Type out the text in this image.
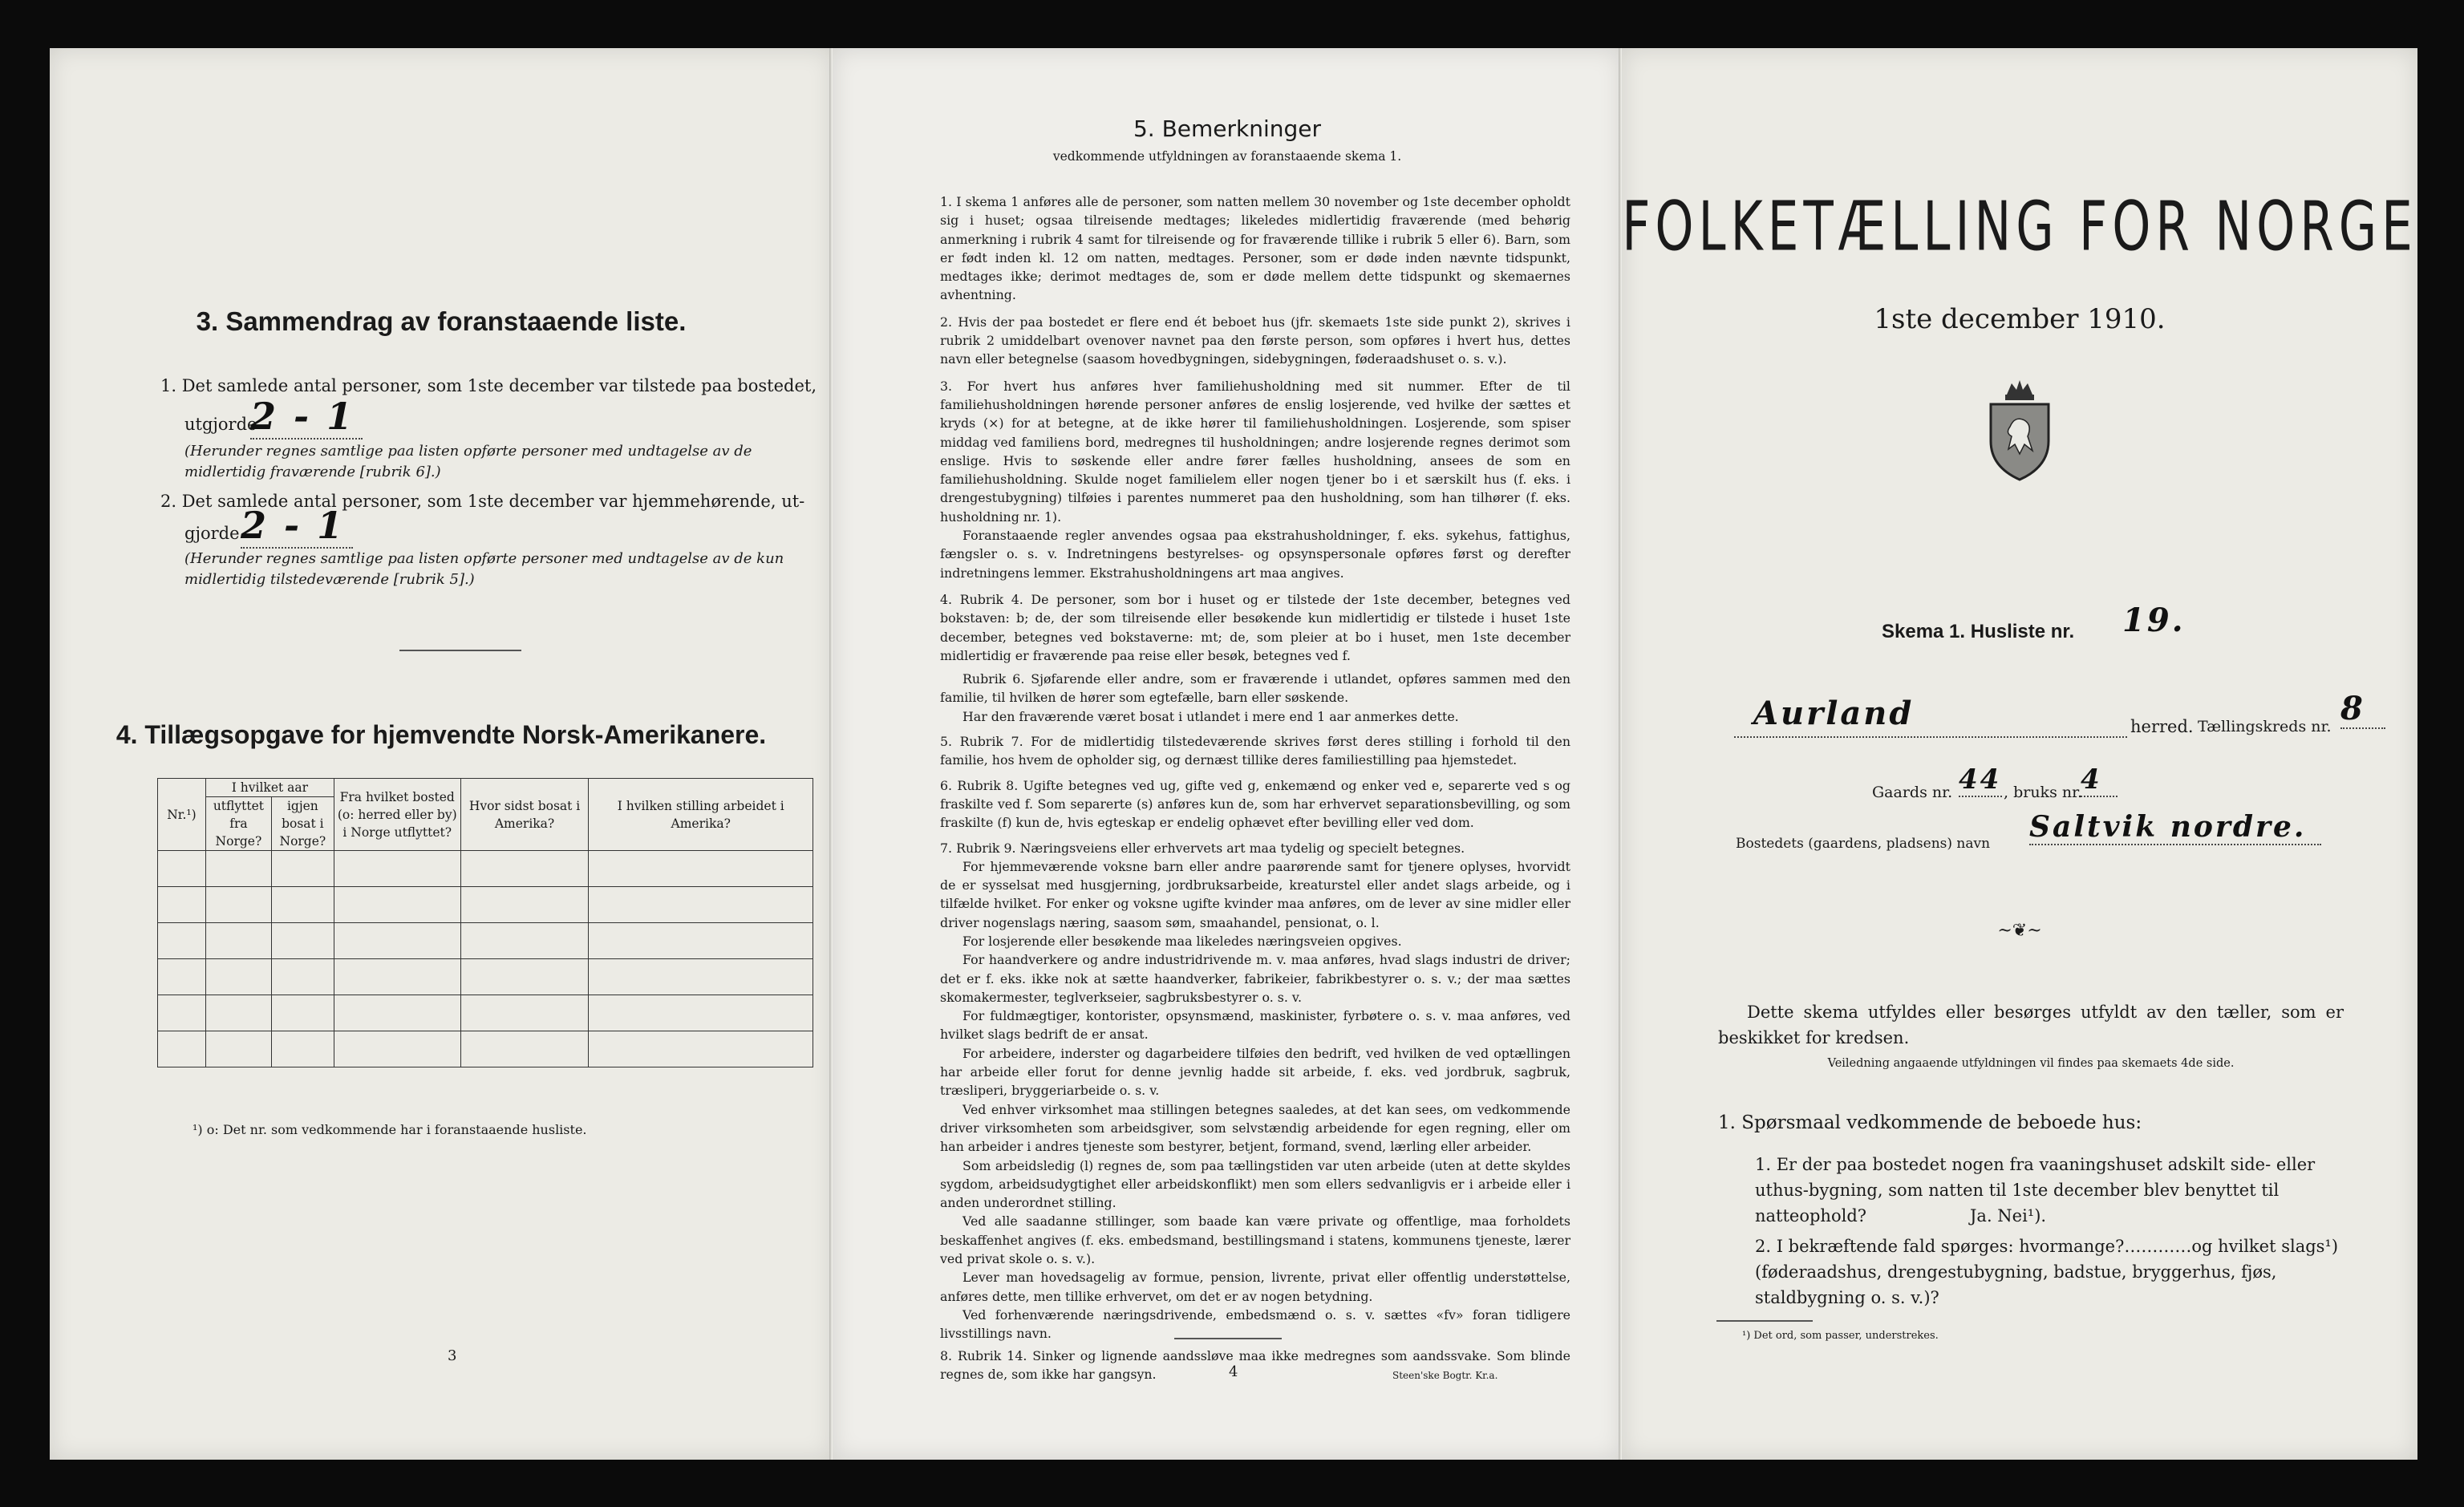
3. Sammendrag av foranstaaende liste.
1. Det samlede antal personer, som 1ste december var tilstede paa bostedet,
utgjorde
2 - 1
(Herunder regnes samtlige paa listen opførte personer med undtagelse av de midlertidig fraværende [rubrik 6].)
2. Det samlede antal personer, som 1ste december var hjemmehørende, ut-
gjorde 2 - 1
(Herunder regnes samtlige paa listen opførte personer med undtagelse av de kun midlertidig tilstedeværende [rubrik 5].)
4. Tillægsopgave for hjemvendte Norsk-Amerikanere.
Nr.¹)	I hvilket aar		Fra hvilket bosted (ᴏ: herred eller by) i Norge utflyttet?	Hvor sidst bosat i Amerika?	I hvilken stilling arbeidet i Amerika?
	utflyttet fra Norge?	igjen bosat i Norge?			

¹) ᴏ: Det nr. som vedkommende har i foranstaaende husliste.
3
5. Bemerkninger
vedkommende utfyldningen av foranstaaende skema 1.

1. I skema 1 anføres alle de personer, som natten mellem 30 november og 1ste december opholdt sig i huset; ogsaa tilreisende medtages; likeledes midlertidig fraværende (med behørig anmerkning i rubrik 4 samt for tilreisende og for fraværende tillike i rubrik 5 eller 6). Barn, som er født inden kl. 12 om natten, medtages. Personer, som er døde inden nævnte tidspunkt, medtages ikke; derimot medtages de, som er døde mellem dette tidspunkt og skemaernes avhentning.

2. Hvis der paa bostedet er flere end ét beboet hus (jfr. skemaets 1ste side punkt 2), skrives i rubrik 2 umiddelbart ovenover navnet paa den første person, som opføres i hvert hus, dettes navn eller betegnelse (saasom hovedbygningen, sidebygningen, føderaadshuset o. s. v.).

3. For hvert hus anføres hver familiehusholdning med sit nummer. Efter de til familiehusholdningen hørende personer anføres de enslig losjerende, ved hvilke der sættes et kryds (×) for at betegne, at de ikke hører til familiehusholdningen. Losjerende, som spiser middag ved familiens bord, medregnes til husholdningen; andre losjerende regnes derimot som enslige. Hvis to søskende eller andre fører fælles husholdning, ansees de som en familiehusholdning. Skulde noget familielem eller nogen tjener bo i et særskilt hus (f. eks. i drengestubygning) tilføies i parentes nummeret paa den husholdning, som han tilhører (f. eks. husholdning nr. 1).

Foranstaaende regler anvendes ogsaa paa ekstrahusholdninger, f. eks. sykehus, fattighus, fængsler o. s. v. Indretningens bestyrelses- og opsynspersonale opføres først og derefter indretningens lemmer. Ekstrahusholdningens art maa angives.

4. Rubrik 4. De personer, som bor i huset og er tilstede der 1ste december, betegnes ved bokstaven: b; de, der som tilreisende eller besøkende kun midlertidig er tilstede i huset 1ste december, betegnes ved bokstaverne: mt; de, som pleier at bo i huset, men 1ste december midlertidig er fraværende paa reise eller besøk, betegnes ved f.

Rubrik 6. Sjøfarende eller andre, som er fraværende i utlandet, opføres sammen med den familie, til hvilken de hører som egtefælle, barn eller søskende.

Har den fraværende været bosat i utlandet i mere end 1 aar anmerkes dette.

5. Rubrik 7. For de midlertidig tilstedeværende skrives først deres stilling i forhold til den familie, hos hvem de opholder sig, og dernæst tillike deres familiestilling paa hjemstedet.

6. Rubrik 8. Ugifte betegnes ved ug, gifte ved g, enkemænd og enker ved e, separerte ved s og fraskilte ved f. Som separerte (s) anføres kun de, som har erhvervet separationsbevilling, og som fraskilte (f) kun de, hvis egteskap er endelig ophævet efter bevilling eller ved dom.

7. Rubrik 9. Næringsveiens eller erhvervets art maa tydelig og specielt betegnes.

For hjemmeværende voksne barn eller andre paarørende samt for tjenere oplyses, hvorvidt de er sysselsat med husgjerning, jordbruksarbeide, kreaturstel eller andet slags arbeide, og i tilfælde hvilket. For enker og voksne ugifte kvinder maa anføres, om de lever av sine midler eller driver nogenslags næring, saasom søm, smaahandel, pensionat, o. l.

For losjerende eller besøkende maa likeledes næringsveien opgives.

For haandverkere og andre industridrivende m. v. maa anføres, hvad slags industri de driver; det er f. eks. ikke nok at sætte haandverker, fabrikeier, fabrikbestyrer o. s. v.; der maa sættes skomakermester, teglverkseier, sagbruksbestyrer o. s. v.

For fuldmægtiger, kontorister, opsynsmænd, maskinister, fyrbøtere o. s. v. maa anføres, ved hvilket slags bedrift de er ansat.

For arbeidere, inderster og dagarbeidere tilføies den bedrift, ved hvilken de ved optællingen har arbeide eller forut for denne jevnlig hadde sit arbeide, f. eks. ved jordbruk, sagbruk, træsliperi, bryggeriarbeide o. s. v.

Ved enhver virksomhet maa stillingen betegnes saaledes, at det kan sees, om vedkommende driver virksomheten som arbeidsgiver, som selvstændig arbeidende for egen regning, eller om han arbeider i andres tjeneste som bestyrer, betjent, formand, svend, lærling eller arbeider.

Som arbeidsledig (l) regnes de, som paa tællingstiden var uten arbeide (uten at dette skyldes sygdom, arbeidsudygtighet eller arbeidskonflikt) men som ellers sedvanligvis er i arbeide eller i anden underordnet stilling.

Ved alle saadanne stillinger, som baade kan være private og offentlige, maa forholdets beskaffenhet angives (f. eks. embedsmand, bestillingsmand i statens, kommunens tjeneste, lærer ved privat skole o. s. v.).

Lever man hovedsagelig av formue, pension, livrente, privat eller offentlig understøttelse, anføres dette, men tillike erhvervet, om det er av nogen betydning.

Ved forhenværende næringsdrivende, embedsmænd o. s. v. sættes «fv» foran tidligere livsstillings navn.

8. Rubrik 14. Sinker og lignende aandssløve maa ikke medregnes som aandssvake. Som blinde regnes de, som ikke har gangsyn.	4	Steen'ske Bogtr. Kr.a.
FOLKETÆLLING FOR NORGE
1ste december 1910.
Skema 1. Husliste nr. 19.
Aurland	herred. Tællingskreds nr. 8
Gaards nr. 44 , bruks nr.
4
Bostedets (gaardens, pladsens) navn Saltvik nordre.
~❦~
Dette skema utfyldes eller besørges utfyldt av den tæller, som er beskikket for kredsen.
Veiledning angaaende utfyldningen vil findes paa skemaets 4de side.
1. Spørsmaal vedkommende de beboede hus:
1. Er der paa bostedet nogen fra vaaningshuset adskilt side- eller uthus-bygning, som natten til 1ste december blev benyttet til natteophold?	Ja. Nei¹).
2. I bekræftende fald spørges: hvormange?…………og hvilket slags¹) (føderaadshus, drengestubygning, badstue, bryggerhus, fjøs, staldbygning o. s. v.)?
¹) Det ord, som passer, understrekes.
